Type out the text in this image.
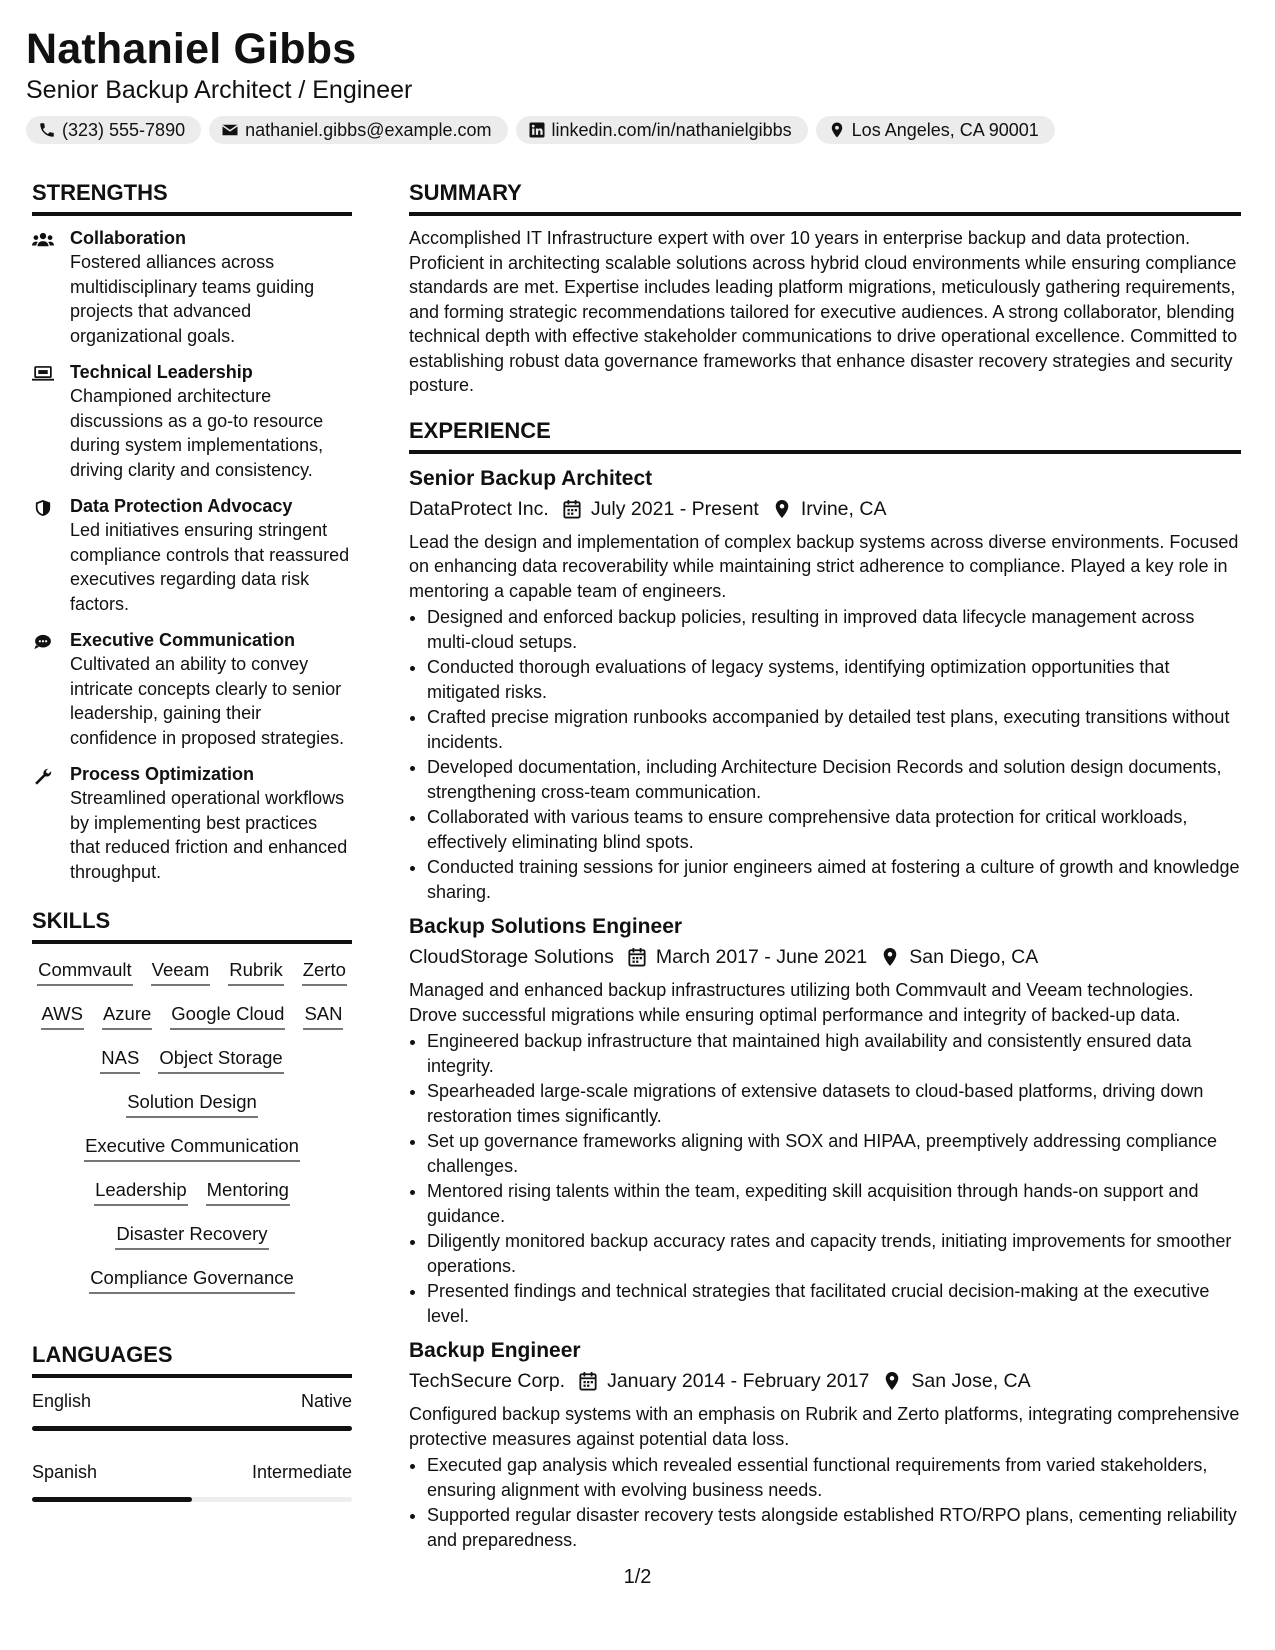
Nathaniel Gibbs
Senior Backup Architect / Engineer
(323) 555-7890	nathaniel.gibbs@example.com	linkedin.com/in/nathanielgibbs	Los Angeles, CA 90001
STRENGTHS
Collaboration
Fostered alliances across multidisciplinary teams guiding projects that advanced organizational goals.
Technical Leadership
Championed architecture discussions as a go-to resource during system implementations, driving clarity and consistency.
Data Protection Advocacy
Led initiatives ensuring stringent compliance controls that reassured executives regarding data risk factors.
Executive Communication
Cultivated an ability to convey intricate concepts clearly to senior leadership, gaining their confidence in proposed strategies.
Process Optimization
Streamlined operational workflows by implementing best practices that reduced friction and enhanced throughput.
SKILLS
Commvault Veeam Rubrik Zerto
AWS Azure Google Cloud SAN
NAS Object Storage
Solution Design
Executive Communication
Leadership Mentoring
Disaster Recovery
Compliance Governance
LANGUAGES
English	Native
Spanish	Intermediate
SUMMARY
Accomplished IT Infrastructure expert with over 10 years in enterprise backup and data protection. Proficient in architecting scalable solutions across hybrid cloud environments while ensuring compliance standards are met. Expertise includes leading platform migrations, meticulously gathering requirements, and forming strategic recommendations tailored for executive audiences. A strong collaborator, blending technical depth with effective stakeholder communications to drive operational excellence. Committed to establishing robust data governance frameworks that enhance disaster recovery strategies and security posture.
EXPERIENCE
Senior Backup Architect
DataProtect Inc. July 2021 - Present Irvine, CA
Lead the design and implementation of complex backup systems across diverse environments. Focused on enhancing data recoverability while maintaining strict adherence to compliance. Played a key role in mentoring a capable team of engineers.
• Designed and enforced backup policies, resulting in improved data lifecycle management across multi-cloud setups.
• Conducted thorough evaluations of legacy systems, identifying optimization opportunities that mitigated risks.
• Crafted precise migration runbooks accompanied by detailed test plans, executing transitions without incidents.
• Developed documentation, including Architecture Decision Records and solution design documents, strengthening cross-team communication.
• Collaborated with various teams to ensure comprehensive data protection for critical workloads, effectively eliminating blind spots.
• Conducted training sessions for junior engineers aimed at fostering a culture of growth and knowledge sharing.
Backup Solutions Engineer
CloudStorage Solutions March 2017 - June 2021 San Diego, CA
Managed and enhanced backup infrastructures utilizing both Commvault and Veeam technologies. Drove successful migrations while ensuring optimal performance and integrity of backed-up data.
• Engineered backup infrastructure that maintained high availability and consistently ensured data integrity.
• Spearheaded large-scale migrations of extensive datasets to cloud-based platforms, driving down restoration times significantly.
• Set up governance frameworks aligning with SOX and HIPAA, preemptively addressing compliance challenges.
• Mentored rising talents within the team, expediting skill acquisition through hands-on support and guidance.
• Diligently monitored backup accuracy rates and capacity trends, initiating improvements for smoother operations.
• Presented findings and technical strategies that facilitated crucial decision-making at the executive level.
Backup Engineer
TechSecure Corp. January 2014 - February 2017 San Jose, CA
Configured backup systems with an emphasis on Rubrik and Zerto platforms, integrating comprehensive protective measures against potential data loss.
• Executed gap analysis which revealed essential functional requirements from varied stakeholders, ensuring alignment with evolving business needs.
• Supported regular disaster recovery tests alongside established RTO/RPO plans, cementing reliability and preparedness.
1/2
